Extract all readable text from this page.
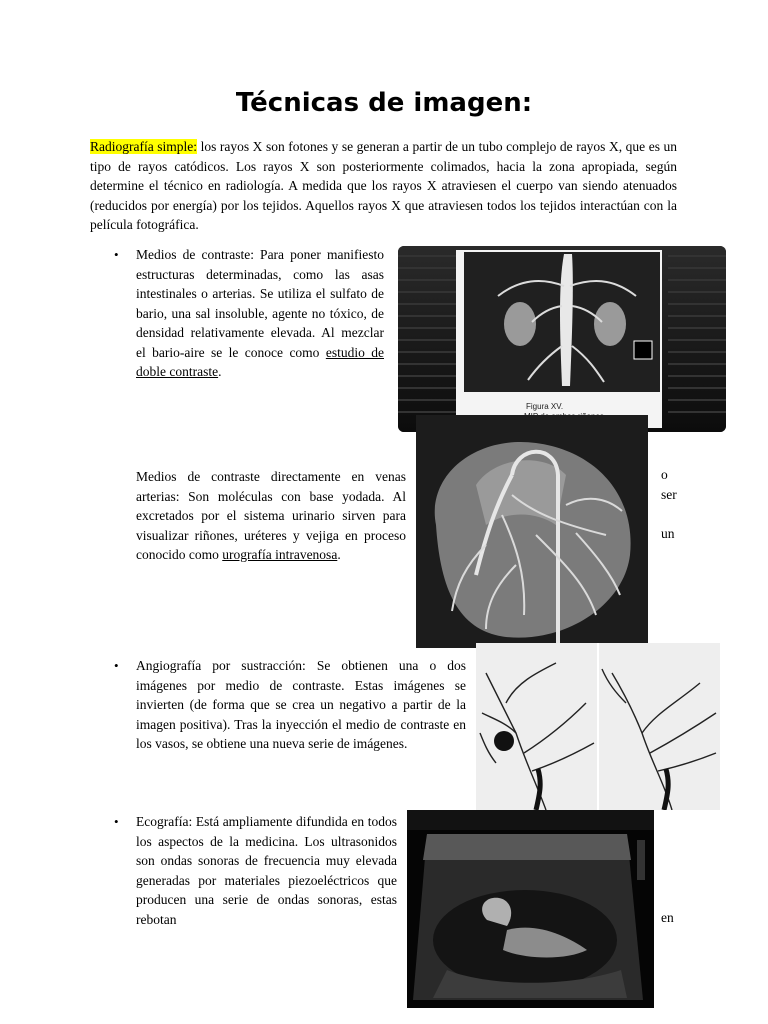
Técnicas de imagen:

Radiografía simple: los rayos X son fotones y se generan a partir de un tubo complejo de rayos X, que es un tipo de rayos catódicos. Los rayos X son posteriormente colimados, hacia la zona apropiada, según determine el técnico en radiología. A medida que los rayos X atraviesen el cuerpo van siendo atenuados (reducidos por energía) por los tejidos. Aquellos rayos X que atraviesen todos los tejidos interactúan con la película fotográfica.

• Medios de contraste: Para poner manifiesto estructuras determinadas, como las asas intestinales o arterias. Se utiliza el sulfato de bario, una sal insoluble, agente no tóxico, de densidad relativamente elevada. Al mezclar el bario-aire se le conoce como estudio de doble contraste.

Figura XV.

Medios de contraste directamente en venas arterias: Son moléculas con base yodada. Al excretados por el sistema urinario sirven para visualizar riñones, uréteres y vejiga en proceso conocido como urografía intravenosa.

o
ser
un
• Angiografía por sustracción: Se obtienen una o dos imágenes por medio de contraste. Estas imágenes se invierten (de forma que se crea un negativo a partir de la imagen positiva). Tras la inyección el medio de contraste en los vasos, se obtiene una nueva serie de imágenes.

• Ecografía: Está ampliamente difundida en todos los aspectos de la medicina. Los ultrasonidos son ondas sonoras de frecuencia muy elevada generadas por materiales piezoeléctricos que producen una serie de ondas sonoras, estas rebotan	en
